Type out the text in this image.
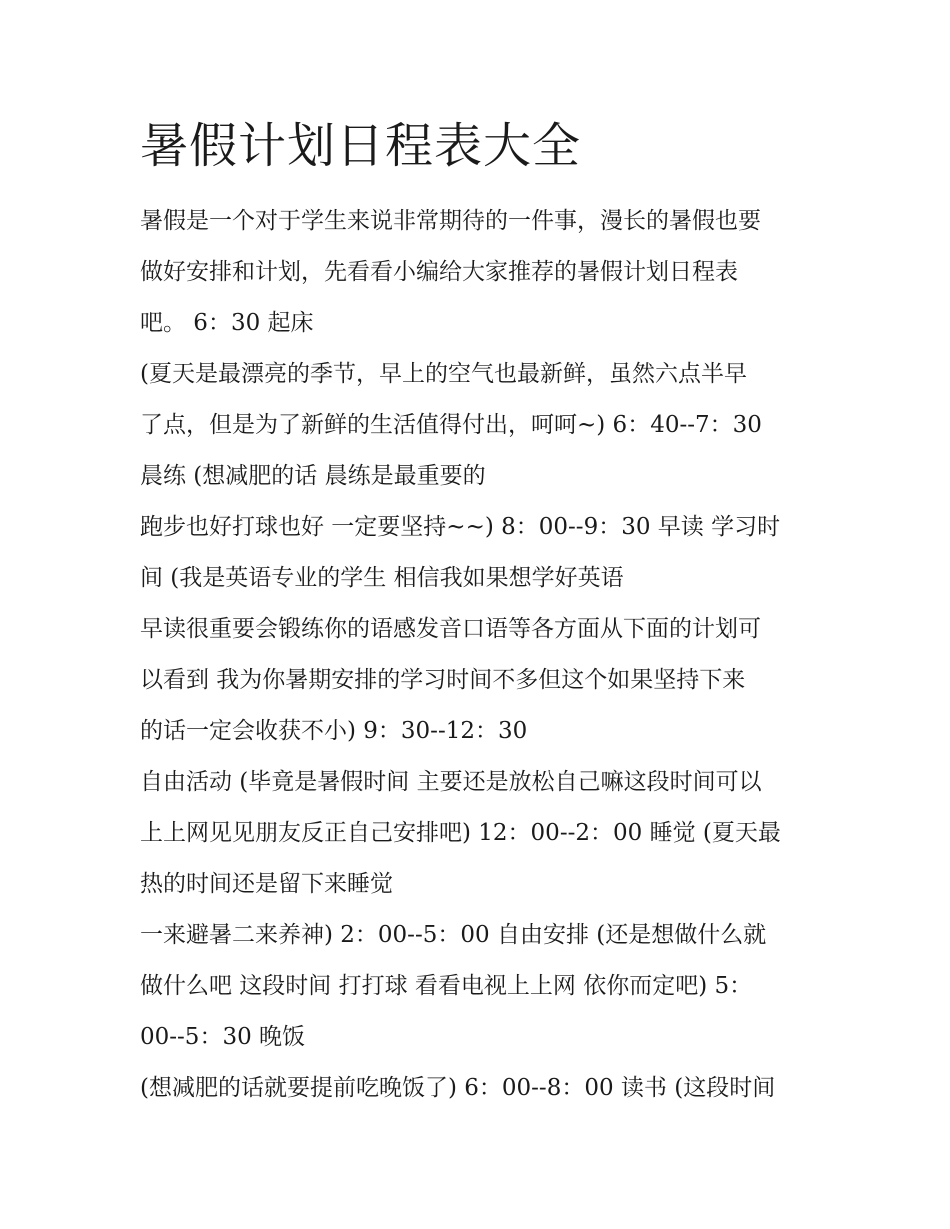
暑假计划日程表大全
暑假是一个对于学生来说非常期待的一件事，漫长的暑假也要
做好安排和计划，先看看小编给大家推荐的暑假计划日程表
吧。 6：30 起床
(夏天是最漂亮的季节，早上的空气也最新鲜，虽然六点半早
了点，但是为了新鲜的生活值得付出，呵呵~) 6：40--7：30
晨练 (想减肥的话 晨练是最重要的
跑步也好打球也好 一定要坚持~~) 8：00--9：30 早读 学习时
间 (我是英语专业的学生 相信我如果想学好英语
早读很重要会锻练你的语感发音口语等各方面从下面的计划可
以看到 我为你暑期安排的学习时间不多但这个如果坚持下来
的话一定会收获不小) 9：30--12：30
自由活动 (毕竟是暑假时间 主要还是放松自己嘛这段时间可以
上上网见见朋友反正自己安排吧) 12：00--2：00 睡觉 (夏天最
热的时间还是留下来睡觉
一来避暑二来养神) 2：00--5：00 自由安排 (还是想做什么就
做什么吧 这段时间 打打球 看看电视上上网 依你而定吧) 5：
00--5：30 晚饭
(想减肥的话就要提前吃晚饭了) 6：00--8：00 读书 (这段时间
